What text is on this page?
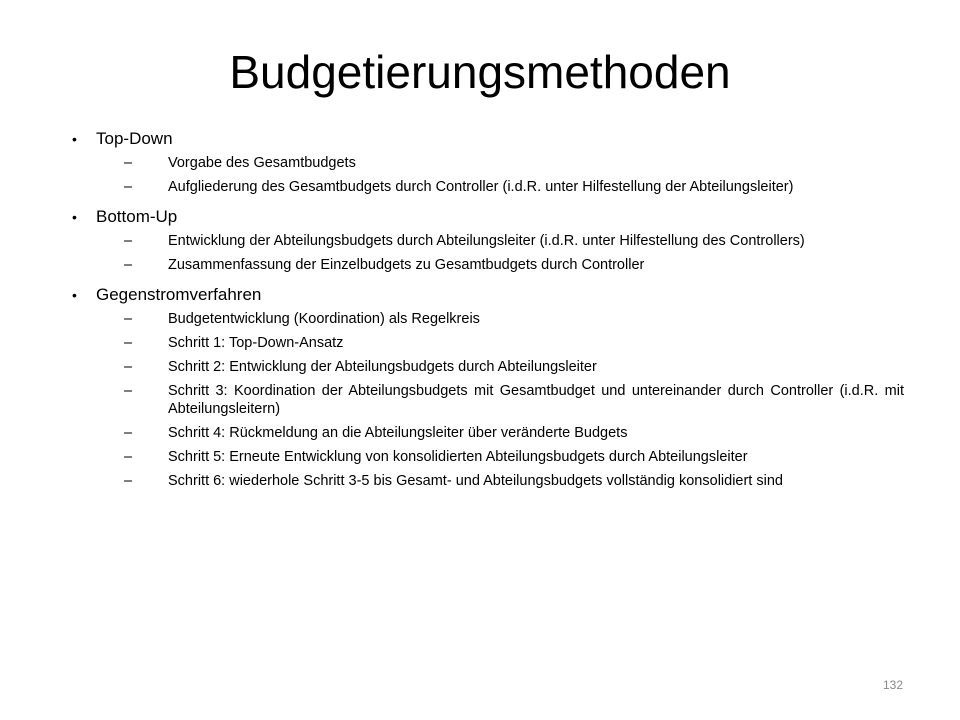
Budgetierungsmethoden
• Top-Down
– Vorgabe des Gesamtbudgets
– Aufgliederung des Gesamtbudgets durch Controller (i.d.R. unter Hilfestellung der Abteilungsleiter)
• Bottom-Up
– Entwicklung der Abteilungsbudgets durch Abteilungsleiter (i.d.R. unter Hilfestellung des Controllers)
– Zusammenfassung der Einzelbudgets zu Gesamtbudgets durch Controller
• Gegenstromverfahren
– Budgetentwicklung (Koordination) als Regelkreis
– Schritt 1: Top-Down-Ansatz
– Schritt 2: Entwicklung der Abteilungsbudgets durch Abteilungsleiter
– Schritt 3: Koordination der Abteilungsbudgets mit Gesamtbudget und untereinander durch Controller (i.d.R. mit Abteilungsleitern)
– Schritt 4: Rückmeldung an die Abteilungsleiter über veränderte Budgets
– Schritt 5: Erneute Entwicklung von konsolidierten Abteilungsbudgets durch Abteilungsleiter
– Schritt 6: wiederhole Schritt 3-5 bis Gesamt- und Abteilungsbudgets vollständig konsolidiert sind
132
